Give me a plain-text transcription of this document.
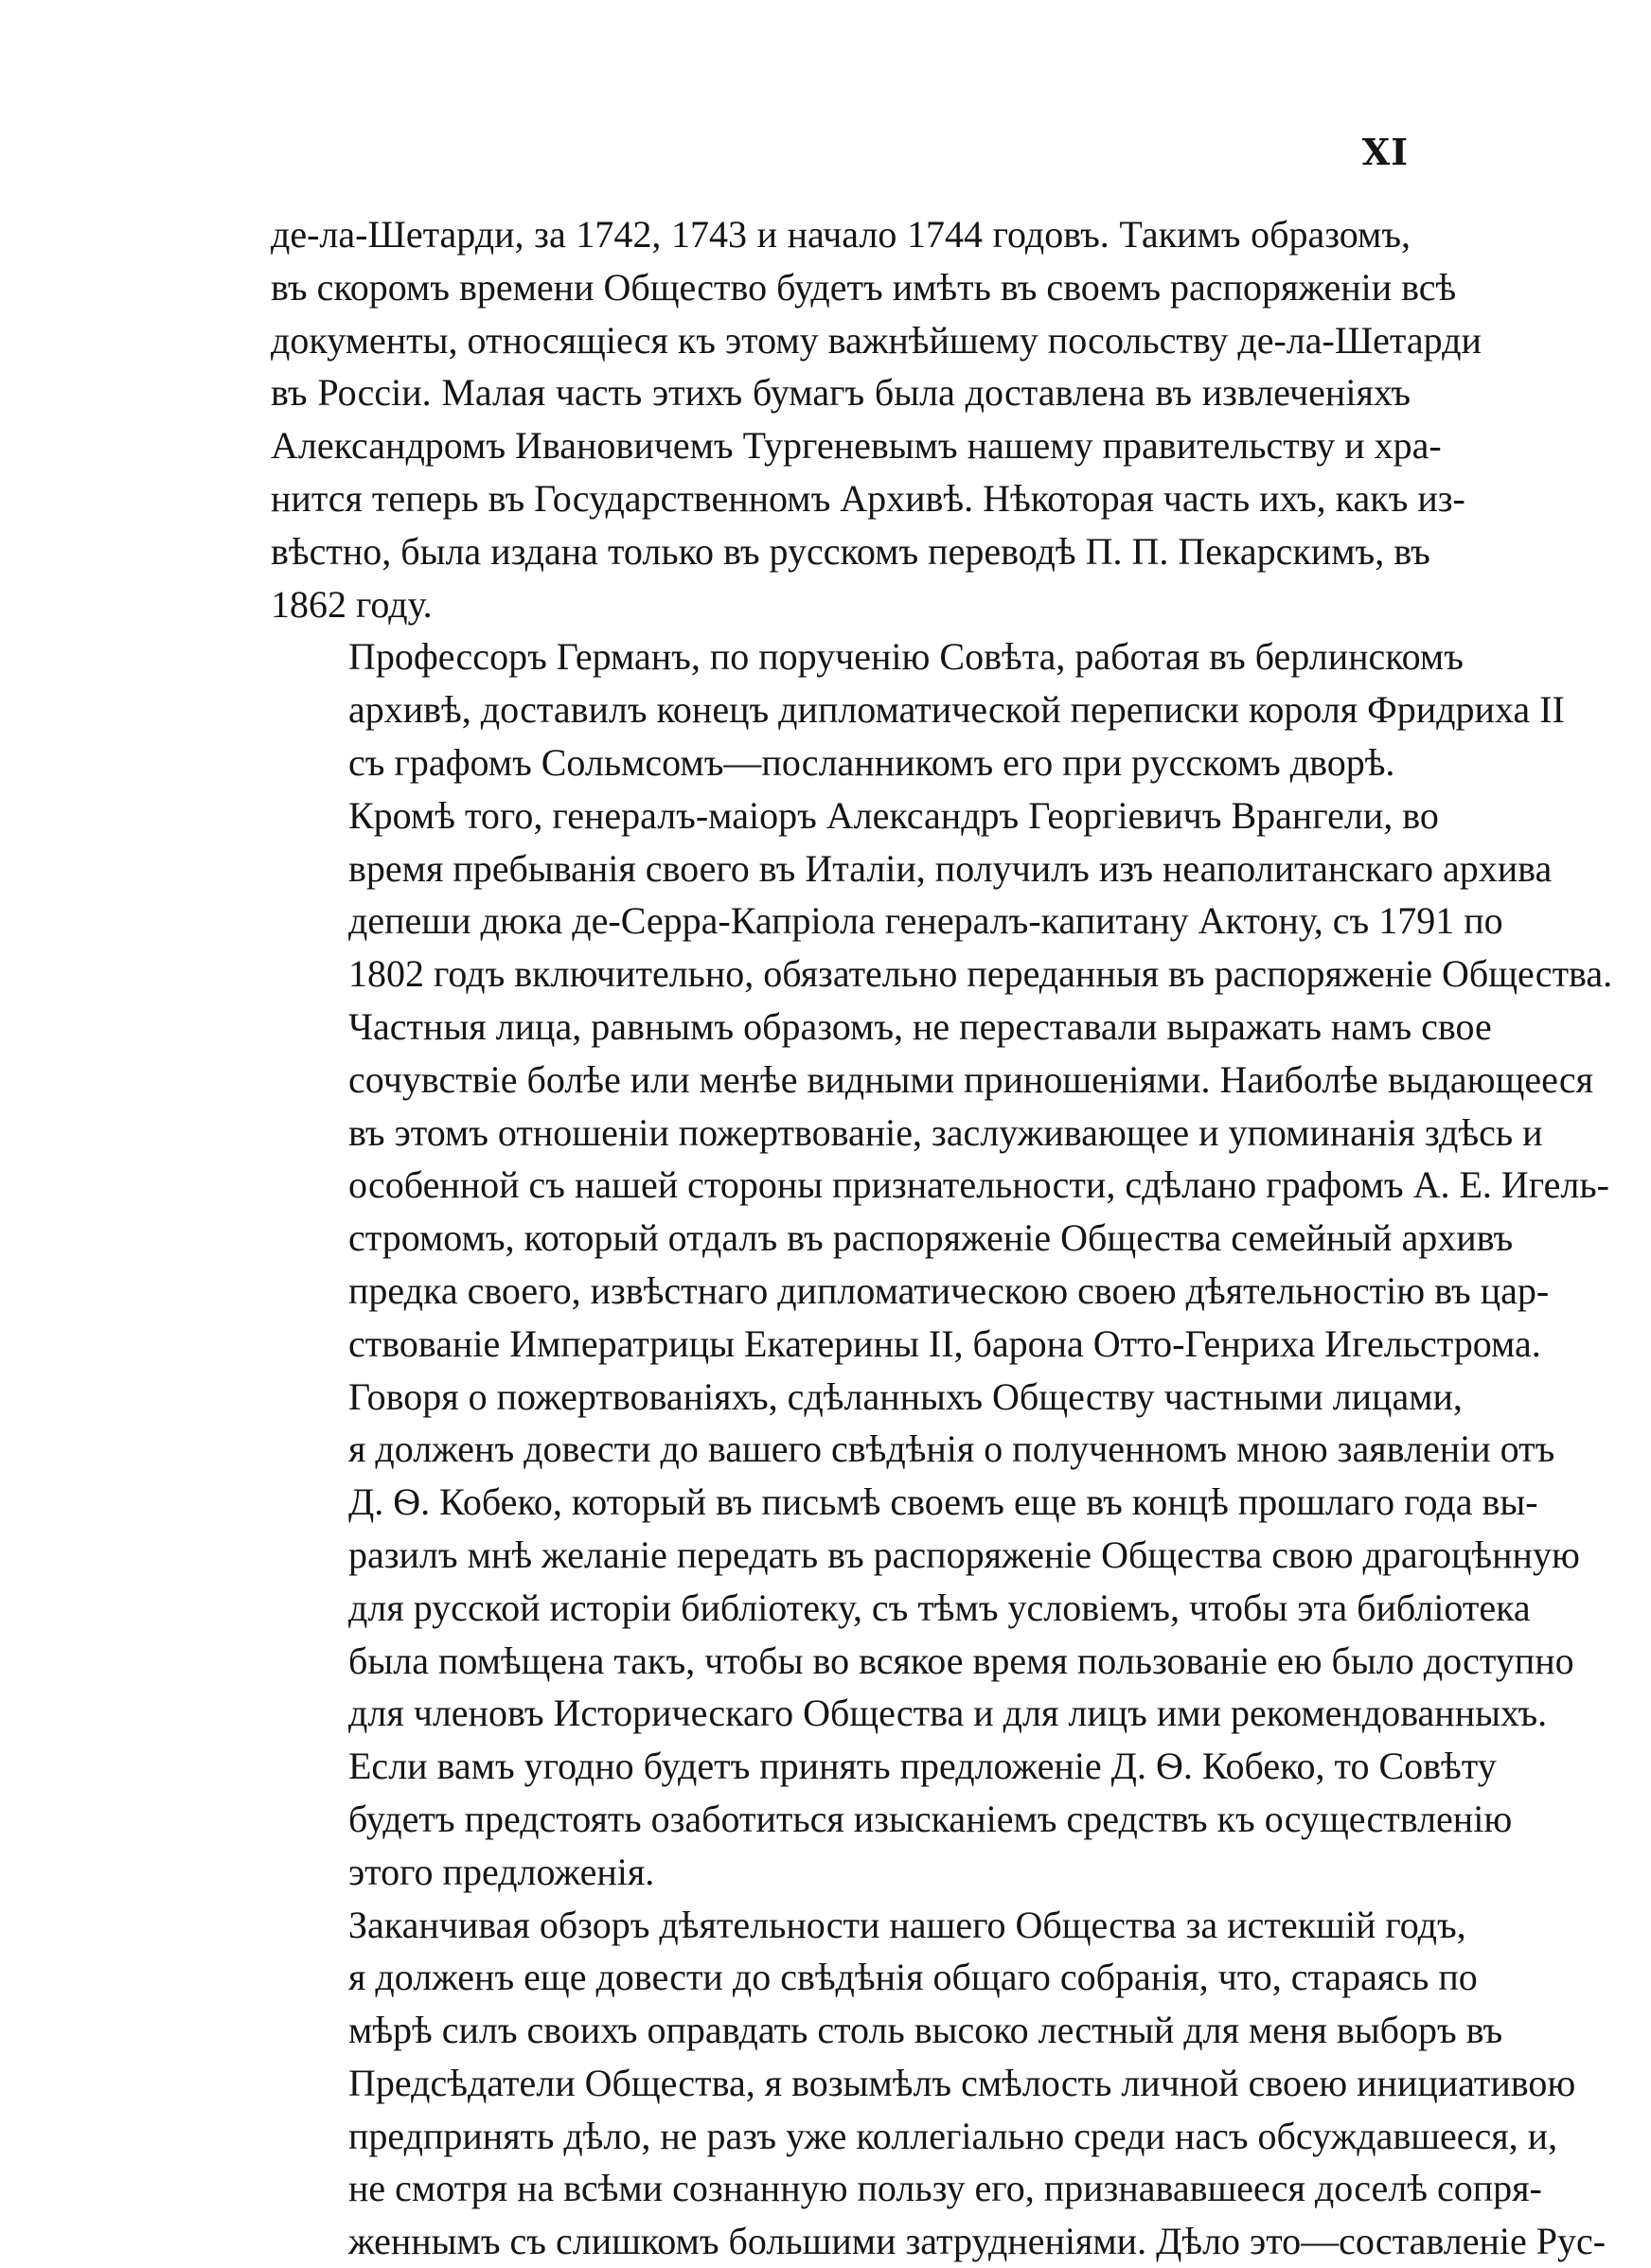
XI
де-ла-Шетарди, за 1742, 1743 и начало 1744 годовъ. Такимъ образомъ,
въ скоромъ времени Общество будетъ имѣть въ своемъ распоряженіи всѣ
документы, относящіеся къ этому важнѣйшему посольству де-ла-Шетарди
въ Россіи. Малая часть этихъ бумагъ была доставлена въ извлеченіяхъ
Александромъ Ивановичемъ Тургеневымъ нашему правительству и хра-
нится теперь въ Государственномъ Архивѣ. Нѣкоторая часть ихъ, какъ из-
вѣстно, была издана только въ русскомъ переводѣ П. П. Пекарскимъ, въ
1862 году.
Профессоръ Германъ, по порученію Совѣта, работая въ берлинскомъ
архивѣ, доставилъ конецъ дипломатической переписки короля Фридриха II
съ графомъ Сольмсомъ—посланникомъ его при русскомъ дворѣ.
Кромѣ того, генералъ-маіоръ Александръ Георгіевичъ Врангели, во
время пребыванія своего въ Италіи, получилъ изъ неаполитанскаго архива
депеши дюка де-Серра-Капріола генералъ-капитану Актону, съ 1791 по
1802 годъ включительно, обязательно переданныя въ распоряженіе Общества.
Частныя лица, равнымъ образомъ, не переставали выражать намъ свое
сочувствіе болѣе или менѣе видными приношеніями. Наиболѣе выдающееся
въ этомъ отношеніи пожертвованіе, заслуживающее и упоминанія здѣсь и
особенной съ нашей стороны признательности, сдѣлано графомъ А. Е. Игель-
стромомъ, который отдалъ въ распоряженіе Общества семейный архивъ
предка своего, извѣстнаго дипломатическою своею дѣятельностію въ цар-
ствованіе Императрицы Екатерины II, барона Отто-Генриха Игельстрома.
Говоря о пожертвованіяхъ, сдѣланныхъ Обществу частными лицами,
я долженъ довести до вашего свѣдѣнія о полученномъ мною заявленіи отъ
Д. Ѳ. Кобеко, который въ письмѣ своемъ еще въ концѣ прошлаго года вы-
разилъ мнѣ желаніе передать въ распоряженіе Общества свою драгоцѣнную
для русской исторіи библіотеку, съ тѣмъ условіемъ, чтобы эта библіотека
была помѣщена такъ, чтобы во всякое время пользованіе ею было доступно
для членовъ Историческаго Общества и для лицъ ими рекомендованныхъ.
Если вамъ угодно будетъ принять предложеніе Д. Ѳ. Кобеко, то Совѣту
будетъ предстоять озаботиться изысканіемъ средствъ къ осуществленію
этого предложенія.
Заканчивая обзоръ дѣятельности нашего Общества за истекшій годъ,
я долженъ еще довести до свѣдѣнія общаго собранія, что, стараясь по
мѣрѣ силъ своихъ оправдать столь высоко лестный для меня выборъ въ
Предсѣдатели Общества, я возымѣлъ смѣлость личной своею инициативою
предпринять дѣло, не разъ уже коллегіально среди насъ обсуждавшееся, и,
не смотря на всѣми сознанную пользу его, признававшееся доселѣ сопря-
женнымъ съ слишкомъ большими затрудненіями. Дѣло это—составленіе Рус-
